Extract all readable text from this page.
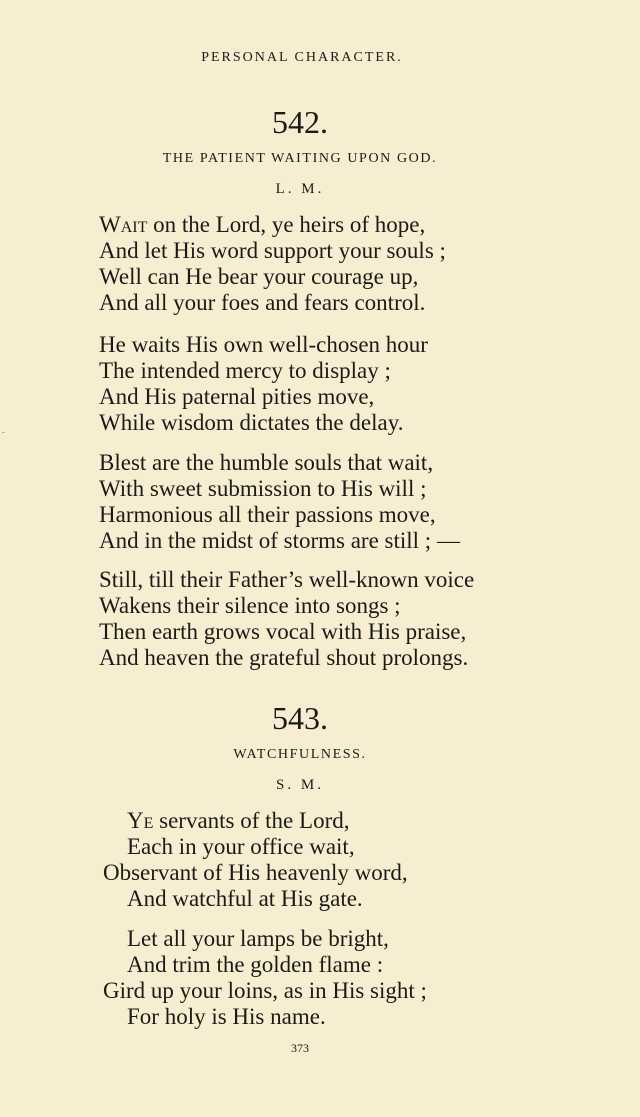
PERSONAL CHARACTER.
542.
THE PATIENT WAITING UPON GOD.
L. M.
Wait on the Lord, ye heirs of hope,
And let His word support your souls ;
Well can He bear your courage up,
And all your foes and fears control.
He waits His own well-chosen hour
The intended mercy to display ;
And His paternal pities move,
While wisdom dictates the delay.
Blest are the humble souls that wait,
With sweet submission to His will ;
Harmonious all their passions move,
And in the midst of storms are still ; —
Still, till their Father’s well-known voice
Wakens their silence into songs ;
Then earth grows vocal with His praise,
And heaven the grateful shout prolongs.
543.
WATCHFULNESS.
S. M.
Ye servants of the Lord,
Each in your office wait,
Observant of His heavenly word,
And watchful at His gate.
Let all your lamps be bright,
And trim the golden flame :
Gird up your loins, as in His sight ;
For holy is His name.
373
╴
